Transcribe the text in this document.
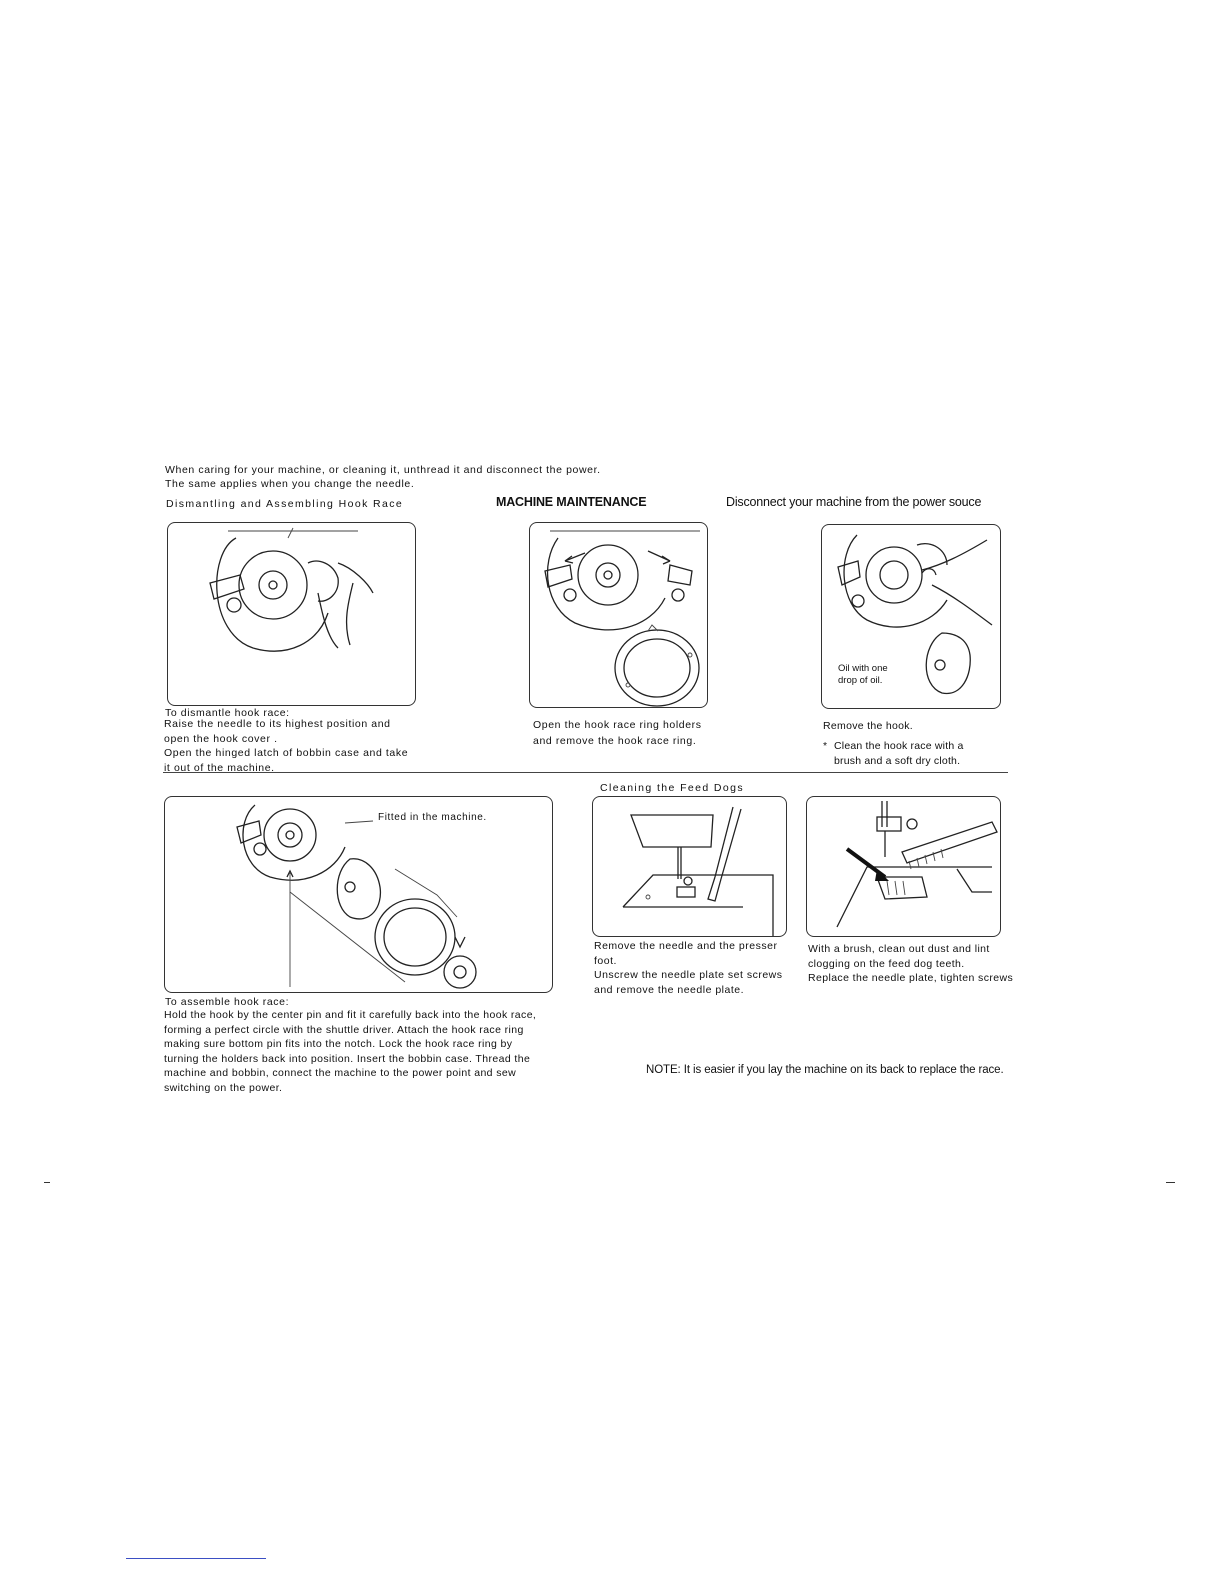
When caring for your machine, or cleaning it, unthread it and disconnect the power.
The same applies when you change the needle.
Dismantling and Assembling Hook Race	MACHINE MAINTENANCE	Disconnect your machine from the power souce
To dismantle hook race:
Raise the needle to its highest position and
open the hook cover .
Open the hinged latch of bobbin case and take
it out of the machine.
Open the hook race ring holders
and remove the hook race ring.
Oil with one
drop of oil.
Remove the hook.
* Clean the hook race with a
brush and a soft dry cloth.
Cleaning the Feed Dogs
Fitted in the machine.
To assemble hook race:
Hold the hook by the center pin and fit it carefully back into the hook race,
forming a perfect circle with the shuttle driver. Attach the hook race ring
making sure bottom pin fits into the notch. Lock the hook race ring by
turning the holders back into position. Insert the bobbin case. Thread the
machine and bobbin, connect the machine to the power point and sew
switching on the power.
Remove the needle and the presser
foot.
Unscrew the needle plate set screws
and remove the needle plate.
With a brush, clean out dust and lint
clogging on the feed dog teeth.
Replace the needle plate, tighten screws
NOTE: It is easier if you lay the machine on its back to replace the race.
